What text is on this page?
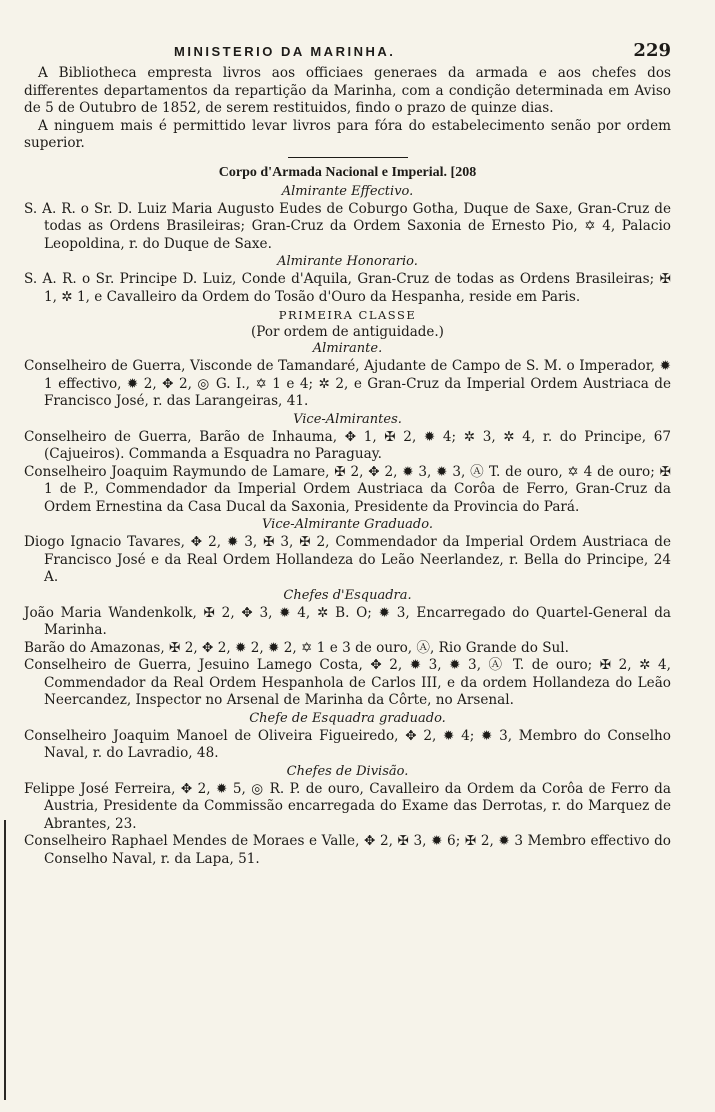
MINISTERIO DA MARINHA.	229

A Bibliotheca empresta livros aos officiaes generaes da armada e aos chefes dos differentes departamentos da repartição da Marinha, com a condição determinada em Aviso de 5 de Outubro de 1852, de serem restituidos, findo o prazo de quinze dias.

A ninguem mais é permittido levar livros para fóra do estabelecimento senão por ordem superior.

Corpo d'Armada Nacional e Imperial. [208
Almirante Effectivo.

S. A. R. o Sr. D. Luiz Maria Augusto Eudes de Coburgo Gotha, Duque de Saxe, Gran-Cruz de todas as Ordens Brasileiras; Gran-Cruz da Ordem Saxonia de Ernesto Pio, ✡ 4, Palacio Leopoldina, r. do Duque de Saxe.

Almirante Honorario.

S. A. R. o Sr. Principe D. Luiz, Conde d'Aquila, Gran-Cruz de todas as Ordens Brasileiras; ✠ 1, ✲ 1, e Cavalleiro da Ordem do Tosão d'Ouro da Hespanha, reside em Paris.

PRIMEIRA CLASSE
(Por ordem de antiguidade.)
Almirante.

Conselheiro de Guerra, Visconde de Tamandaré, Ajudante de Campo de S. M. o Imperador, ✹ 1 effectivo, ✹ 2, ✥ 2, ◎ G. I., ✡ 1 e 4; ✲ 2, e Gran-Cruz da Imperial Ordem Austriaca de Francisco José, r. das Larangeiras, 41.

Vice-Almirantes.

Conselheiro de Guerra, Barão de Inhauma, ✥ 1, ✠ 2, ✹ 4; ✲ 3, ✲ 4, r. do Principe, 67 (Cajueiros). Commanda a Esquadra no Paraguay.

Conselheiro Joaquim Raymundo de Lamare, ✠ 2, ✥ 2, ✹ 3, ✹ 3, Ⓐ T. de ouro, ✡ 4 de ouro; ✠ 1 de P., Commendador da Imperial Ordem Austriaca da Corôa de Ferro, Gran-Cruz da Ordem Ernestina da Casa Ducal da Saxonia, Presidente da Provincia do Pará.

Vice-Almirante Graduado.

Diogo Ignacio Tavares, ✥ 2, ✹ 3, ✠ 3, ✠ 2, Commendador da Imperial Ordem Austriaca de Francisco José e da Real Ordem Hollandeza do Leão Neerlandez, r. Bella do Principe, 24 A.

Chefes d'Esquadra.

João Maria Wandenkolk, ✠ 2, ✥ 3, ✹ 4, ✲ B. O; ✹ 3, Encarregado do Quartel-General da Marinha.

Barão do Amazonas, ✠ 2, ✥ 2, ✹ 2, ✹ 2, ✡ 1 e 3 de ouro, Ⓐ, Rio Grande do Sul.

Conselheiro de Guerra, Jesuino Lamego Costa, ✥ 2, ✹ 3, ✹ 3, Ⓐ T. de ouro; ✠ 2, ✲ 4, Commendador da Real Ordem Hespanhola de Carlos III, e da ordem Hollandeza do Leão Neercandez, Inspector no Arsenal de Marinha da Côrte, no Arsenal.

Chefe de Esquadra graduado.

Conselheiro Joaquim Manoel de Oliveira Figueiredo, ✥ 2, ✹ 4; ✹ 3, Membro do Conselho Naval, r. do Lavradio, 48.

Chefes de Divisão.

Felippe José Ferreira, ✥ 2, ✹ 5, ◎ R. P. de ouro, Cavalleiro da Ordem da Corôa de Ferro da Austria, Presidente da Commissão encarregada do Exame das Derrotas, r. do Marquez de Abrantes, 23.

Conselheiro Raphael Mendes de Moraes e Valle, ✥ 2, ✠ 3, ✹ 6; ✠ 2, ✹ 3 Membro effectivo do Conselho Naval, r. da Lapa, 51.
